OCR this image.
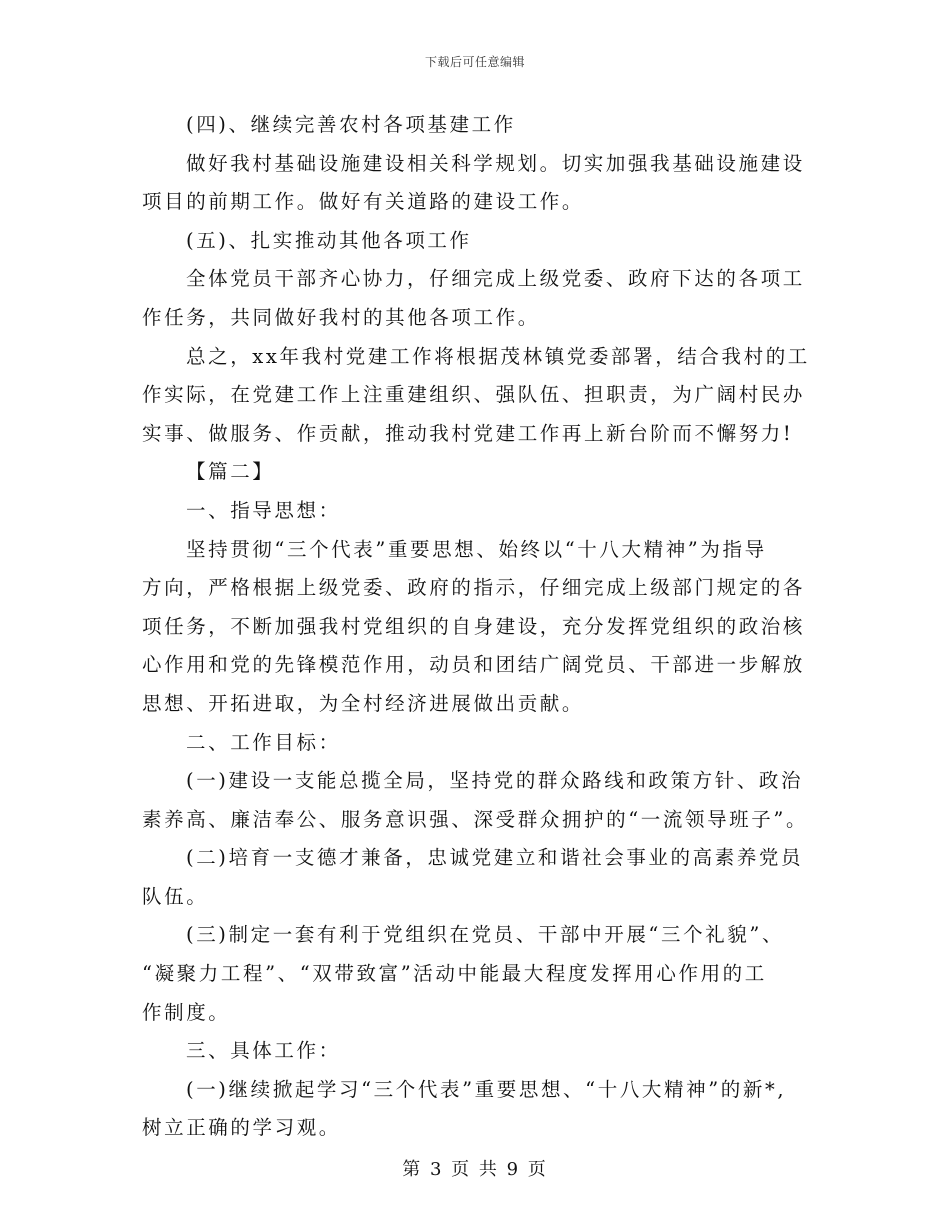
下载后可任意编辑
(四)、继续完善农村各项基建工作
做好我村基础设施建设相关科学规划。切实加强我基础设施建设
项目的前期工作。做好有关道路的建设工作。
(五)、扎实推动其他各项工作
全体党员干部齐心协力，仔细完成上级党委、政府下达的各项工
作任务，共同做好我村的其他各项工作。
总之，xx年我村党建工作将根据茂林镇党委部署，结合我村的工
作实际，在党建工作上注重建组织、强队伍、担职责，为广阔村民办
实事、做服务、作贡献，推动我村党建工作再上新台阶而不懈努力!
【篇二】
一、指导思想：
坚持贯彻“三个代表”重要思想、始终以“十八大精神”为指导
方向，严格根据上级党委、政府的指示，仔细完成上级部门规定的各
项任务，不断加强我村党组织的自身建设，充分发挥党组织的政治核
心作用和党的先锋模范作用，动员和团结广阔党员、干部进一步解放
思想、开拓进取，为全村经济进展做出贡献。
二、工作目标：
(一)建设一支能总揽全局，坚持党的群众路线和政策方针、政治
素养高、廉洁奉公、服务意识强、深受群众拥护的“一流领导班子”。
(二)培育一支德才兼备，忠诚党建立和谐社会事业的高素养党员
队伍。
(三)制定一套有利于党组织在党员、干部中开展“三个礼貌”、
“凝聚力工程”、“双带致富”活动中能最大程度发挥用心作用的工
作制度。
三、具体工作：
(一)继续掀起学习“三个代表”重要思想、“十八大精神”的新*,
树立正确的学习观。
第 3 页 共 9 页
